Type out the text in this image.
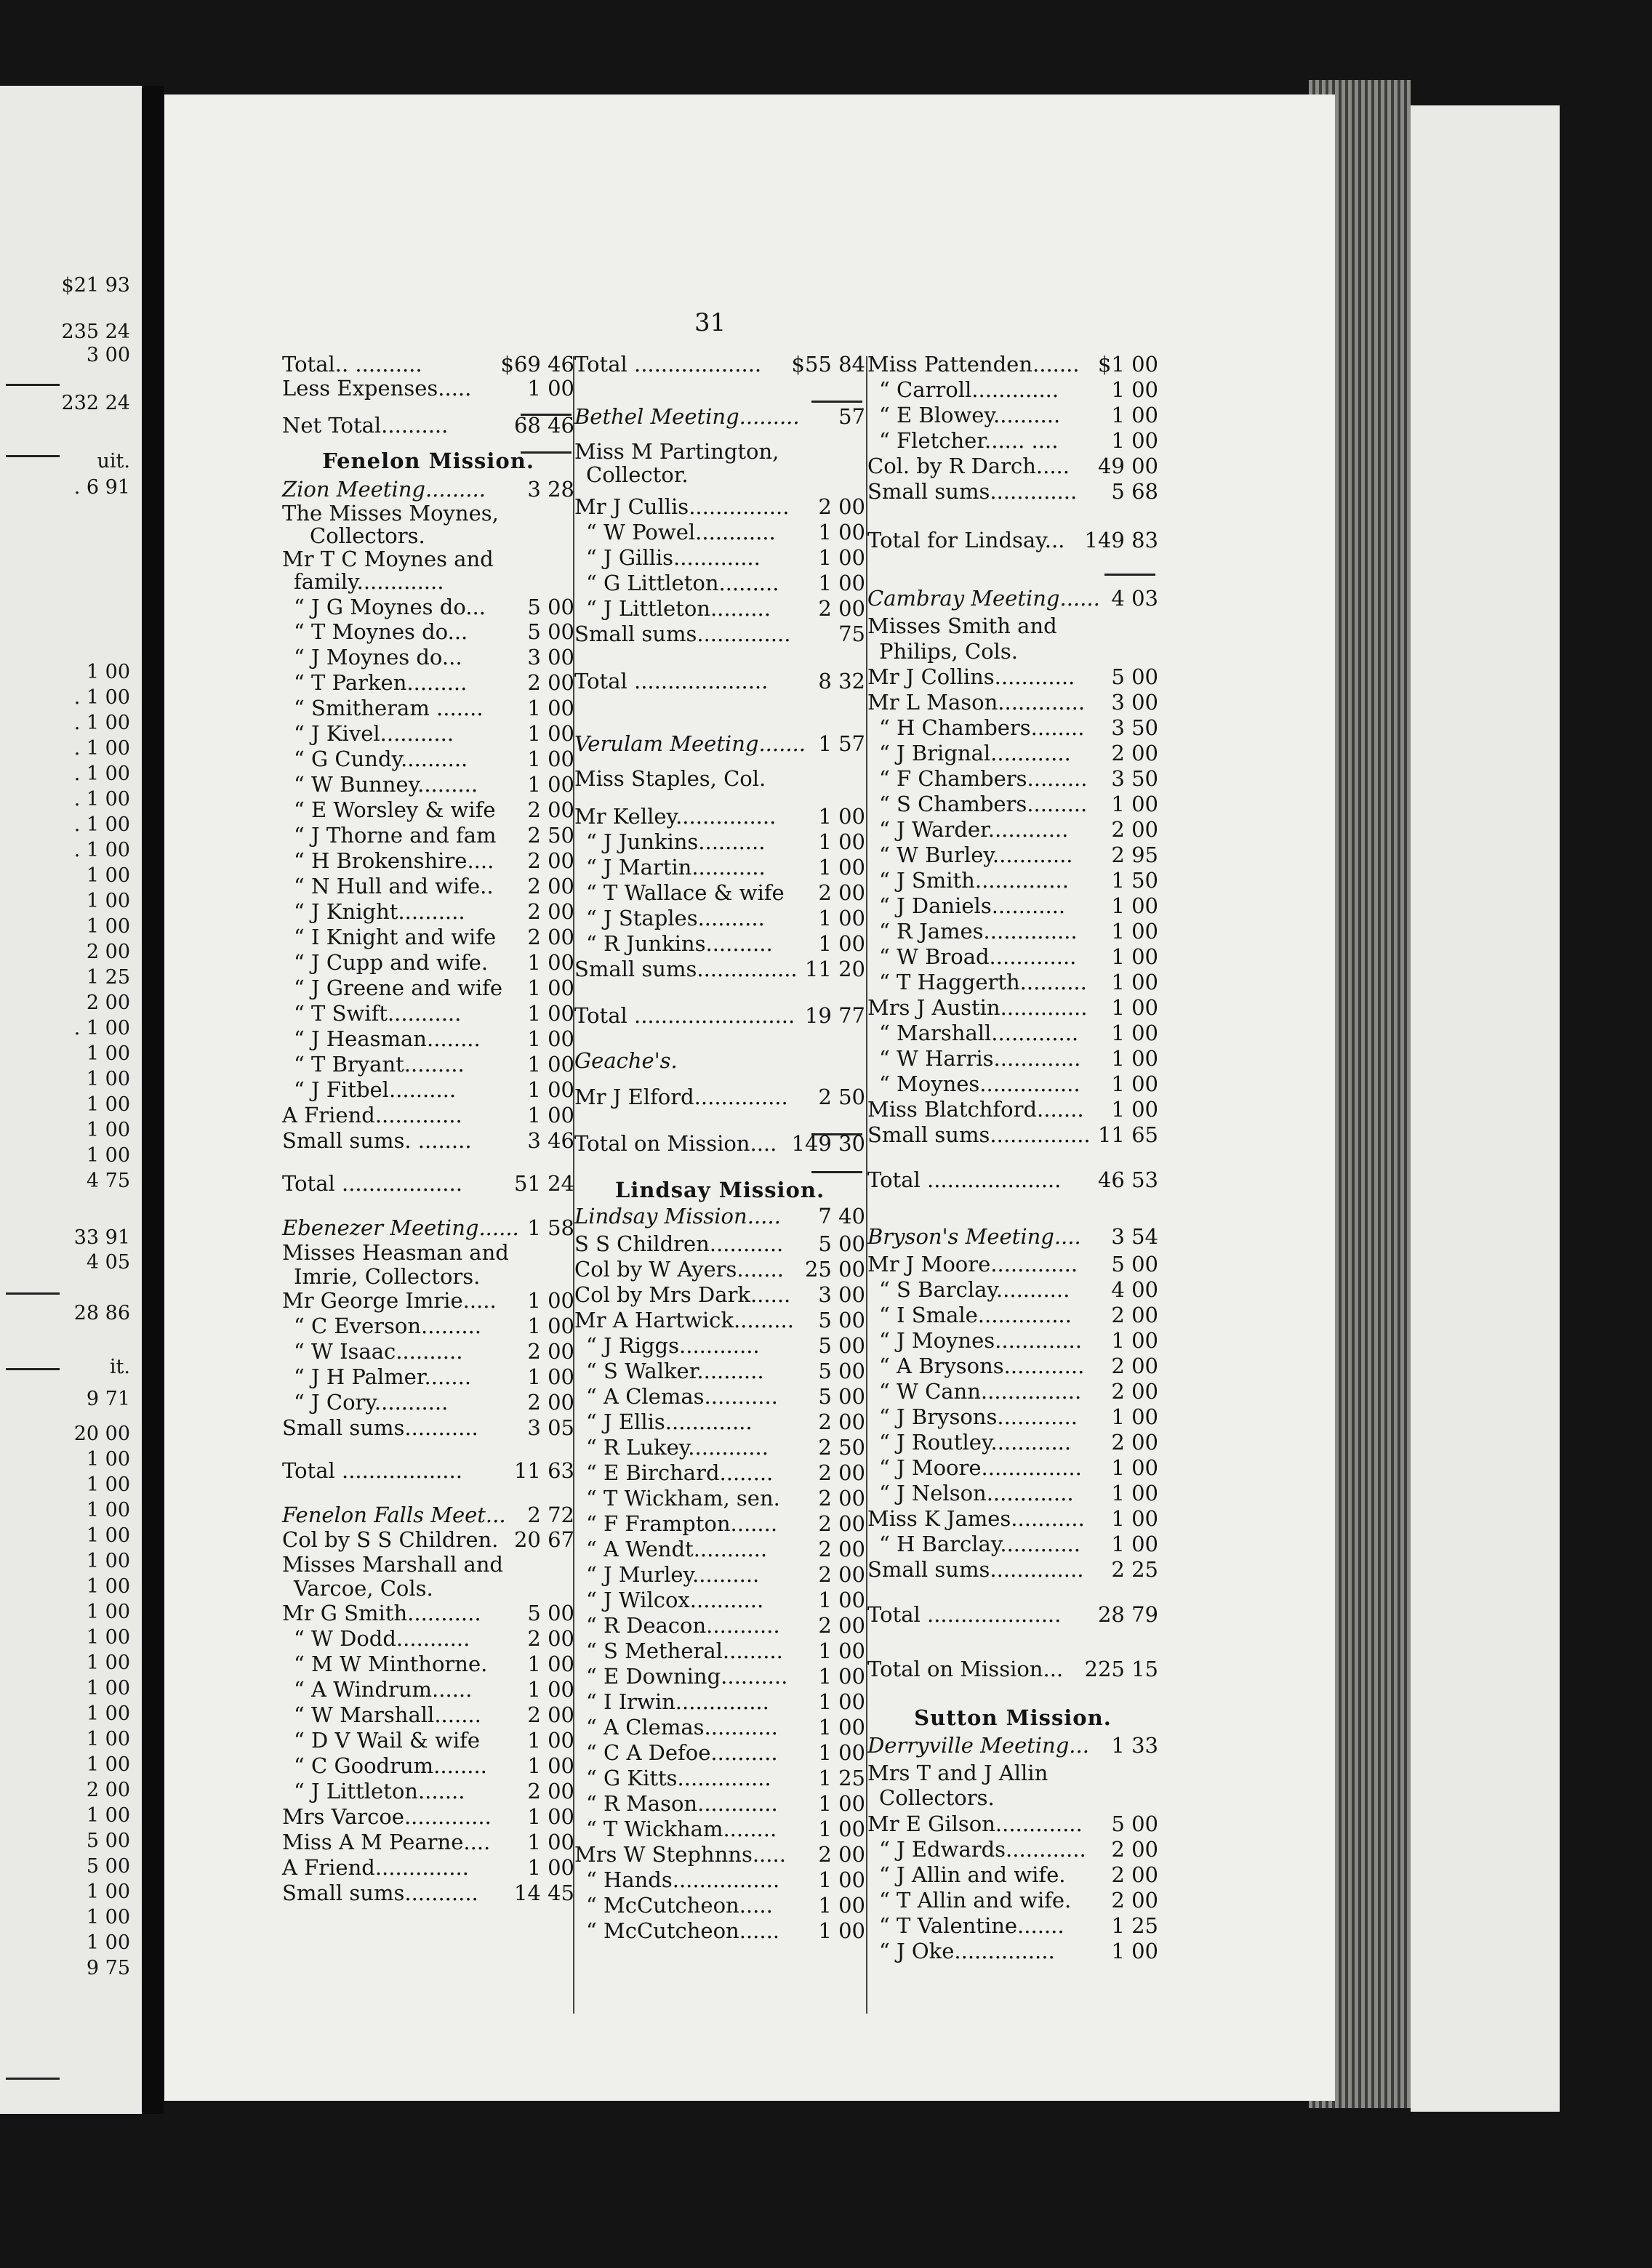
$21 93
235 24
3 00
232 24
uit.
. 6 91
1 00
. 1 00
. 1 00
. 1 00
. 1 00
. 1 00
. 1 00
. 1 00
1 00
1 00
1 00
2 00
1 25
2 00
. 1 00
1 00
1 00
1 00
1 00
1 00
4 75
33 91
4 05
28 86
it.
9 71
20 00
1 00
1 00
1 00
1 00
1 00
1 00
1 00
1 00
1 00
1 00
1 00
1 00
1 00
2 00
1 00
5 00
5 00
1 00
1 00
1 00
9 75
31
Total.. ..........	$69 46
Less Expenses.....	1 00
Net Total..........	68 46
Fenelon Mission.
Zion Meeting......... 3 28
The Misses Moynes,
Collectors.
Mr T C Moynes and
family.............
“ J G Moynes do... 5 00
“ T Moynes do...	5 00
“ J Moynes do...	3 00
“ T Parken.........	2 00
“ Smitheram ....... 1 00
“ J Kivel...........	1 00
“ G Cundy..........	1 00
“ W Bunney......... 1 00
“ E Worsley & wife 2 00
“ J Thorne and fam 2 50
“ H Brokenshire.... 2 00
“ N Hull and wife.. 2 00
“ J Knight..........	2 00
“ I Knight and wife 2 00
“ J Cupp and wife. 1 00
“ J Greene and wife 1 00
“ T Swift...........	1 00
“ J Heasman........ 1 00
“ T Bryant.........	1 00
“ J Fitbel..........	1 00
A Friend.............	1 00
Small sums. ........	3 46
Total .................. 51 24
Ebenezer Meeting...... 1 58
Misses Heasman and
Imrie, Collectors.
Mr George Imrie..... 1 00
“ C Everson......... 1 00
“ W Isaac..........	2 00
“ J H Palmer.......	1 00
“ J Cory...........	2 00
Small sums........... 3 05
Total .................. 11 63
Fenelon Falls Meet... 2 72
Col by S S Children. 20 67
Misses Marshall and
Varcoe, Cols.
Mr G Smith........... 5 00
“ W Dodd...........	2 00
“ M W Minthorne. 1 00
“ A Windrum......	1 00
“ W Marshall....... 2 00
“ D V Wail & wife 1 00
“ C Goodrum........ 1 00
“ J Littleton.......	2 00
Mrs Varcoe............. 1 00
Miss A M Pearne.... 1 00
A Friend..............	1 00
Small sums........... 14 45
Total ................... $55 84
Bethel Meeting......... 57
Miss M Partington,
Collector.
Mr J Cullis............... 2 00
“ W Powel............ 1 00
“ J Gillis.............	1 00
“ G Littleton......... 1 00
“ J Littleton......... 2 00
Small sums.............. 75
Total .................... 8 32
Verulam Meeting....... 1 57
Miss Staples, Col.
Mr Kelley............... 1 00
“ J Junkins..........	1 00
“ J Martin...........	1 00
“ T Wallace & wife 2 00
“ J Staples..........	1 00
“ R Junkins.......... 1 00
Small sums............... 11 20
Total ........................ 19 77
Geache's.
Mr J Elford.............. 2 50
Total on Mission.... 149 30
Lindsay Mission.
Lindsay Mission..... 7 40
S S Children........... 5 00
Col by W Ayers....... 25 00
Col by Mrs Dark...... 3 00
Mr A Hartwick......... 5 00
“ J Riggs............	5 00
“ S Walker..........	5 00
“ A Clemas........... 5 00
“ J Ellis.............	2 00
“ R Lukey............ 2 50
“ E Birchard........ 2 00
“ T Wickham, sen. 2 00
“ F Frampton....... 2 00
“ A Wendt........... 2 00
“ J Murley..........	2 00
“ J Wilcox...........	1 00
“ R Deacon........... 2 00
“ S Metheral......... 1 00
“ E Downing.......... 1 00
“ I Irwin.............. 1 00
“ A Clemas........... 1 00
“ C A Defoe.......... 1 00
“ G Kitts.............. 1 25
“ R Mason............ 1 00
“ T Wickham........ 1 00
Mrs W Stephnns..... 2 00
“ Hands................ 1 00
“ McCutcheon..... 1 00
“ McCutcheon...... 1 00
Miss Pattenden....... $1 00
“ Carroll............. 1 00
“ E Blowey.......... 1 00
“ Fletcher...... ....	1 00
Col. by R Darch..... 49 00
Small sums............. 5 68
Total for Lindsay... 149 83
Cambray Meeting...... 4 03
Misses Smith and
Philips, Cols.
Mr J Collins............ 5 00
Mr L Mason............. 3 00
“ H Chambers........ 3 50
“ J Brignal............ 2 00
“ F Chambers......... 3 50
“ S Chambers......... 1 00
“ J Warder............ 2 00
“ W Burley............ 2 95
“ J Smith.............. 1 50
“ J Daniels........... 1 00
“ R James.............. 1 00
“ W Broad............. 1 00
“ T Haggerth.......... 1 00
Mrs J Austin............. 1 00
“ Marshall............. 1 00
“ W Harris............. 1 00
“ Moynes............... 1 00
Miss Blatchford....... 1 00
Small sums............... 11 65
Total .................... 46 53
Bryson's Meeting.... 3 54
Mr J Moore............. 5 00
“ S Barclay........... 4 00
“ I Smale.............. 2 00
“ J Moynes............. 1 00
“ A Brysons............ 2 00
“ W Cann............... 2 00
“ J Brysons............ 1 00
“ J Routley............ 2 00
“ J Moore............... 1 00
“ J Nelson............. 1 00
Miss K James........... 1 00
“ H Barclay............ 1 00
Small sums.............. 2 25
Total .................... 28 79
Total on Mission... 225 15
Sutton Mission.
Derryville Meeting... 1 33
Mrs T and J Allin
Collectors.
Mr E Gilson............. 5 00
“ J Edwards............ 2 00
“ J Allin and wife. 2 00
“ T Allin and wife. 2 00
“ T Valentine....... 1 25
“ J Oke...............	1 00
